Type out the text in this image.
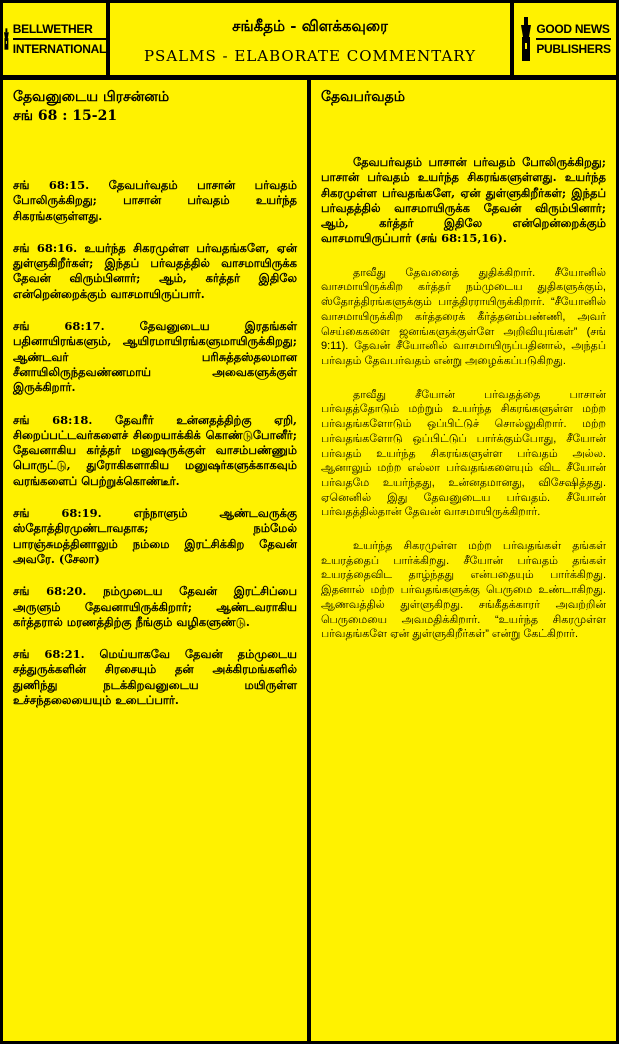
BELLWETHER
INTERNATIONAL
சங்கீதம் - விளக்கவுரை
PSALMS - ELABORATE COMMENTARY
GOOD NEWS
PUBLISHERS
தேவனுடைய பிரசன்னம்
சங் 68 : 15-21

சங் 68:15. தேவபர்வதம் பாசான் பர்வதம் போலிருக்கிறது; பாசான் பர்வதம் உயர்ந்த சிகரங்களுள்ளது.

சங் 68:16. உயர்ந்த சிகரமுள்ள பர்வதங்களே, ஏன் துள்ளுகிறீர்கள்; இந்தப் பர்வதத்தில் வாசமாயிருக்க தேவன் விரும்பினார்; ஆம், கர்த்தர் இதிலே என்றென்றைக்கும் வாசமாயிருப்பார்.

சங் 68:17. தேவனுடைய இரதங்கள் பதினாயிரங்களும், ஆயிரமாயிரங்களுமாயிருக்கிறது; ஆண்டவர் பரிசுத்தஸ்தலமான சீனாயிலிருந்தவண்ணமாய் அவைகளுக்குள் இருக்கிறார்.

சங் 68:18. தேவரீர் உன்னதத்திற்கு ஏறி, சிறைப்பட்டவர்களைச் சிறையாக்கிக் கொண்டுபோனீர்; தேவனாகிய கர்த்தர் மனுஷருக்குள் வாசம்பண்ணும் பொருட்டு, துரோகிகளாகிய மனுஷர்களுக்காகவும் வரங்களைப் பெற்றுக்கொண்டீர்.

சங் 68:19. எந்நாளும் ஆண்டவருக்கு ஸ்தோத்திரமுண்டாவதாக; நம்மேல் பாரஞ்சுமத்தினாலும் நம்மை இரட்சிக்கிற தேவன் அவரே. (சேலா)

சங் 68:20. நம்முடைய தேவன் இரட்சிப்பை அருளும் தேவனாயிருக்கிறார்; ஆண்டவராகிய கர்த்தரால் மரணத்திற்கு நீங்கும் வழிகளுண்டு.

சங் 68:21. மெய்யாகவே தேவன் தம்முடைய சத்துருக்களின் சிரசையும் தன் அக்கிரமங்களில் துணிந்து நடக்கிறவனுடைய மயிருள்ள உச்சந்தலையையும் உடைப்பார்.

தேவபர்வதம்

தேவபர்வதம் பாசான் பர்வதம் போலிருக்கிறது; பாசான் பர்வதம் உயர்ந்த சிகரங்களுள்ளது. உயர்ந்த சிகரமுள்ள பர்வதங்களே, ஏன் துள்ளுகிறீர்கள்; இந்தப் பர்வதத்தில் வாசமாயிருக்க தேவன் விரும்பினார்; ஆம், கர்த்தர் இதிலே என்றென்றைக்கும் வாசமாயிருப்பார் (சங் 68:15,16).

தாவீது தேவனைத் துதிக்கிறார். சீயோனில் வாசமாயிருக்கிற கர்த்தர் நம்முடைய துதிகளுக்கும், ஸ்தோத்திரங்களுக்கும் பாத்திரராயிருக்கிறார். “சீயோனில் வாசமாயிருக்கிற கர்த்தரைக் கீர்த்தனம்பண்ணி, அவர் செய்கைகளை ஜனங்களுக்குள்ளே அறிவியுங்கள்” (சங் 9:11). தேவன் சீயோனில் வாசமாயிருப்பதினால், அந்தப் பர்வதம் தேவபர்வதம் என்று அழைக்கப்படுகிறது.

தாவீது சீயோன் பர்வதத்தை பாசான் பர்வதத்தோடும் மற்றும் உயர்ந்த சிகரங்களுள்ள மற்ற பர்வதங்களோடும் ஒப்பிட்டுச் சொல்லுகிறார். மற்ற பர்வதங்களோடு ஒப்பிட்டுப் பார்க்கும்போது, சீயோன் பர்வதம் உயர்ந்த சிகரங்களுள்ள பர்வதம் அல்ல. ஆனாலும் மற்ற எல்லா பர்வதங்களையும் விட சீயோன் பர்வதமே உயர்ந்தது, உன்னதமானது, விசேஷித்தது. ஏனெனில் இது தேவனுடைய பர்வதம். சீயோன் பர்வதத்தில்தான் தேவன் வாசமாயிருக்கிறார்.

உயர்ந்த சிகரமுள்ள மற்ற பர்வதங்கள் தங்கள் உயரத்தைப் பார்க்கிறது. சீயோன் பர்வதம் தங்கள் உயரத்தைவிட தாழ்ந்தது என்பதையும் பார்க்கிறது. இதனால் மற்ற பர்வதங்களுக்கு பெருமை உண்டாகிறது. ஆணவத்தில் துள்ளுகிறது. சங்கீதக்காரர் அவற்றின் பெருமையை அவமதிக்கிறார். “உயர்ந்த சிகரமுள்ள பர்வதங்களே ஏன் துள்ளுகிறீர்கள்” என்று கேட்கிறார்.
